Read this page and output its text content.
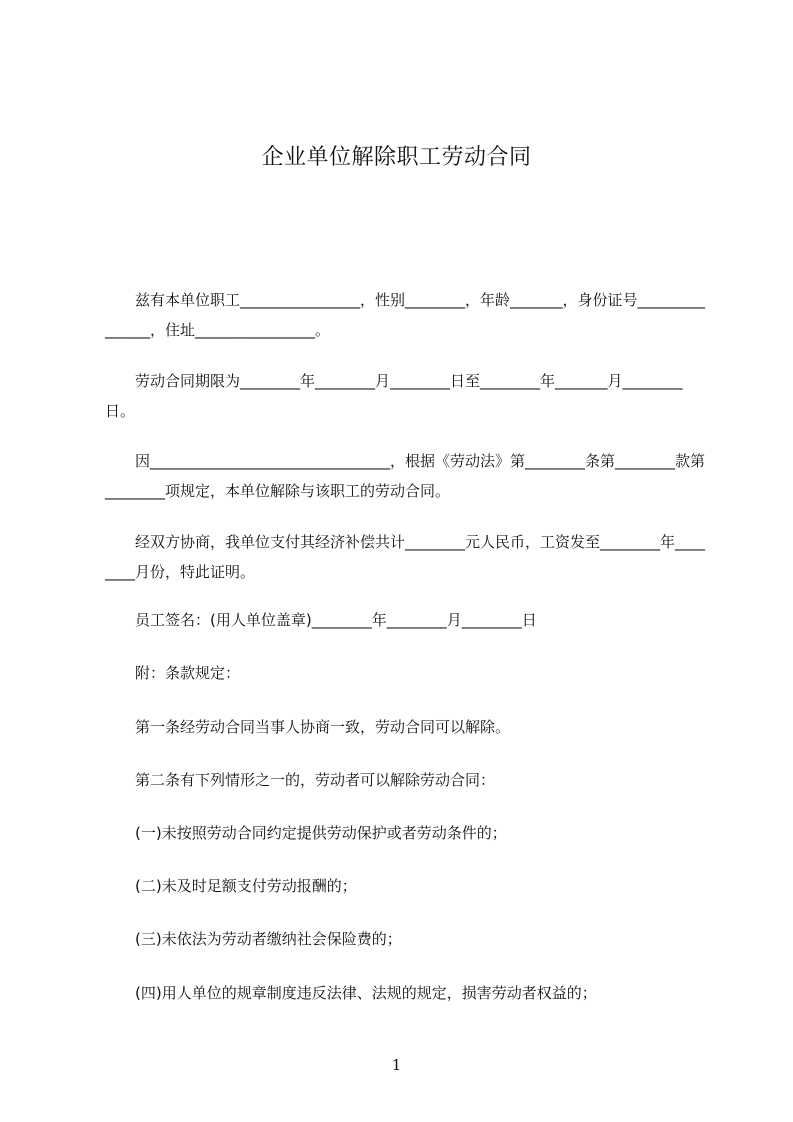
企业单位解除职工劳动合同

兹有本单位职工________________，性别________，年龄_______，身份证号_______________，住址________________。

劳动合同期限为________年________月________日至________年_______月________日。

因________________________________，根据《劳动法》第________条第________款第________项规定，本单位解除与该职工的劳动合同。

经双方协商，我单位支付其经济补偿共计________元人民币，工资发至________年________月份，特此证明。

员工签名：(用人单位盖章)________年________月________日

附：条款规定：

第一条经劳动合同当事人协商一致，劳动合同可以解除。

第二条有下列情形之一的，劳动者可以解除劳动合同：

(一)未按照劳动合同约定提供劳动保护或者劳动条件的；

(二)未及时足额支付劳动报酬的；

(三)未依法为劳动者缴纳社会保险费的；

(四)用人单位的规章制度违反法律、法规的规定，损害劳动者权益的；

1
